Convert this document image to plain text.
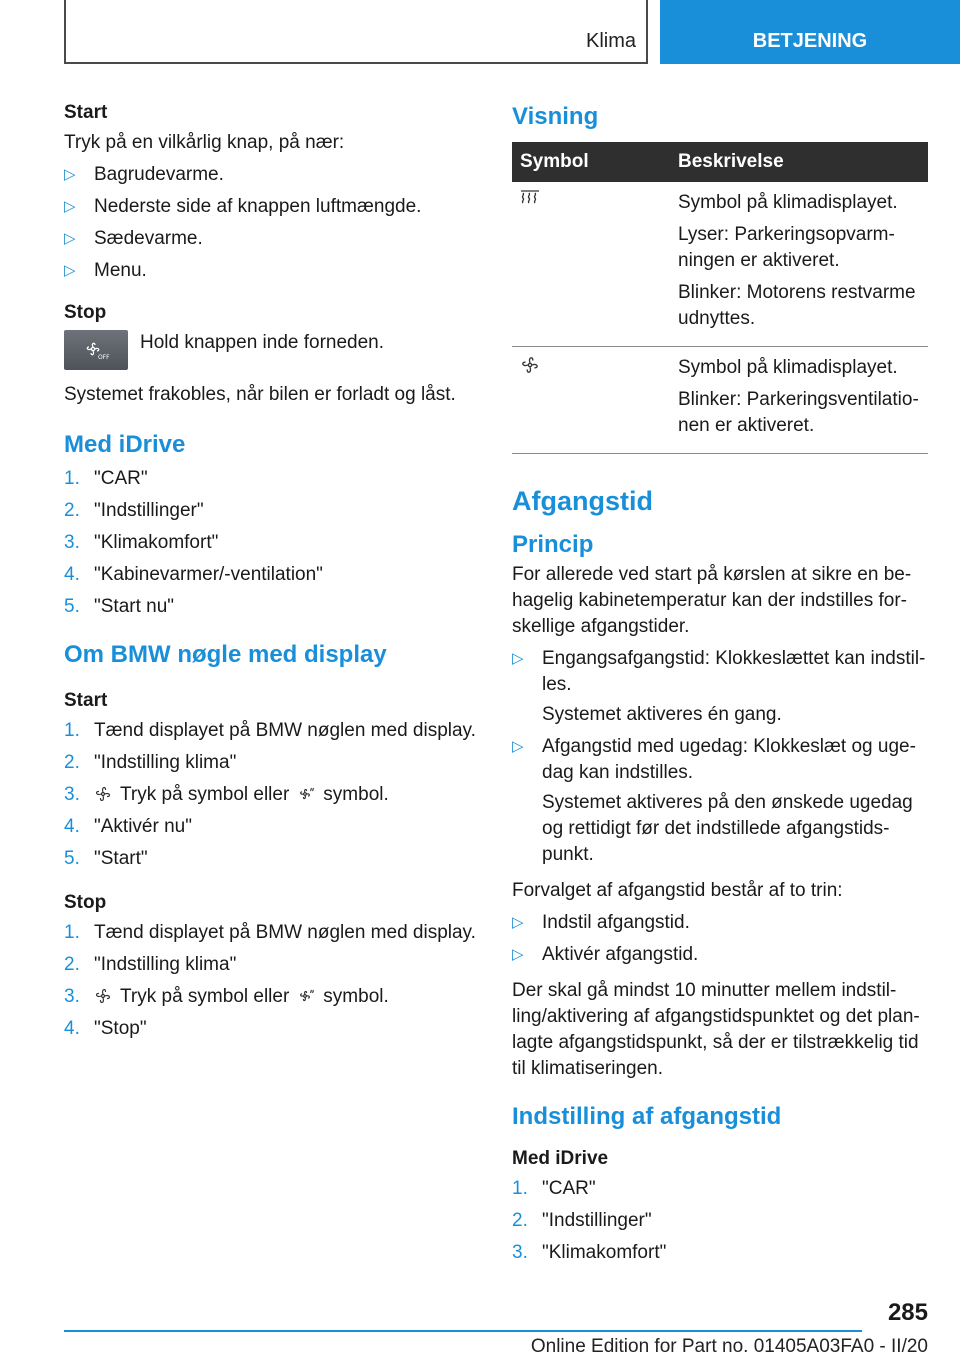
Klima	BETJENING
Start
Tryk på en vilkårlig knap, på nær:
▷ Bagrudevarme.
▷ Nederste side af knappen luftmængde.
▷ Sædevarme.
▷ Menu.
Stop
OFF
Hold knappen inde forneden.
Systemet frakobles, når bilen er forladt og låst.
Med iDrive
1. "CAR"
2. "Indstillinger"
3. "Klimakomfort"
4. "Kabinevarmer/-ventilation"
5. "Start nu"
Om BMW nøgle med display
Start
1. Tænd displayet på BMW nøglen med display.
2. "Indstilling klima"
3. Tryk på symbol eller symbol.
4. "Aktivér nu"
5. "Start"
Stop
1. Tænd displayet på BMW nøglen med display.
2. "Indstilling klima"
3. Tryk på symbol eller symbol.
4. "Stop"
Visning
Symbol	Beskrivelse

Symbol på klimadisplayet.
Lyser: Parkeringsopvarm-ningen er aktiveret.
Blinker: Motorens restvarme udnyttes.

Symbol på klimadisplayet.
Blinker: Parkeringsventilatio-nen er aktiveret.
Afgangstid
Princip
For allerede ved start på kørslen at sikre en be-hagelig kabinetemperatur kan der indstilles for-skellige afgangstider.
▷ Engangsafgangstid: Klokkeslættet kan indstil-les.
Systemet aktiveres én gang.
▷ Afgangstid med ugedag: Klokkeslæt og uge-dag kan indstilles.
Systemet aktiveres på den ønskede ugedag og rettidigt før det indstillede afgangstids-punkt.
Forvalget af afgangstid består af to trin:
▷ Indstil afgangstid.
▷ Aktivér afgangstid.
Der skal gå mindst 10 minutter mellem indstil-ling/aktivering af afgangstidspunktet og det plan-lagte afgangstidspunkt, så der er tilstrækkelig tid til klimatiseringen.
Indstilling af afgangstid
Med iDrive
1. "CAR"
2. "Indstillinger"
3. "Klimakomfort"
285
Online Edition for Part no. 01405A03FA0 - II/20
